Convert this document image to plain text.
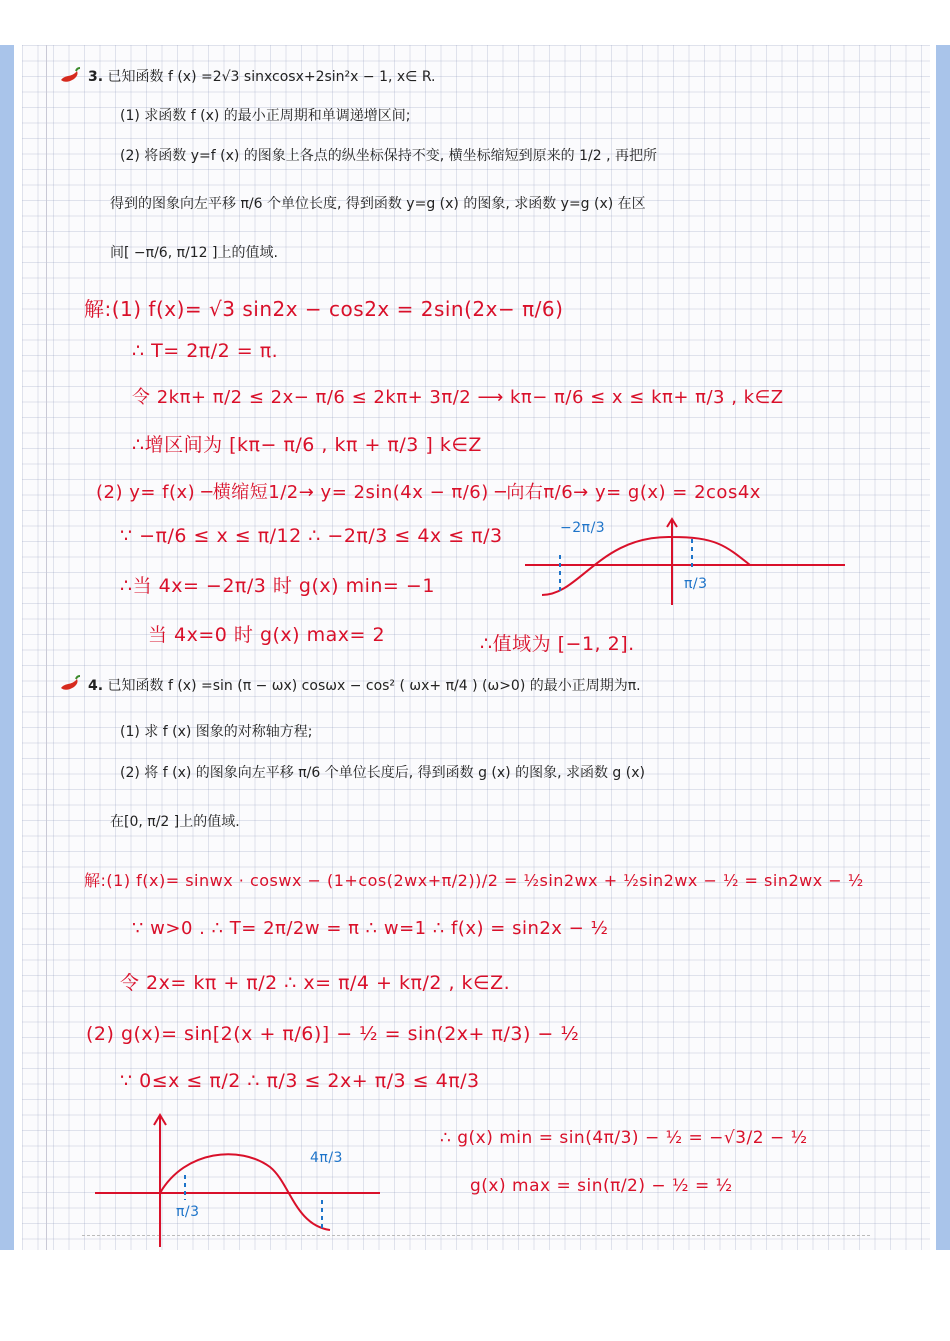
3. 已知函数 f (x) =2√3 sinxcosx+2sin²x − 1, x∈ R.
(1) 求函数 f (x) 的最小正周期和单调递增区间;
(2) 将函数 y=f (x) 的图象上各点的纵坐标保持不变, 横坐标缩短到原来的 1/2 , 再把所
得到的图象向左平移 π/6 个单位长度, 得到函数 y=g (x) 的图象, 求函数 y=g (x) 在区
间[ −π/6, π/12 ]上的值域.
解:(1) f(x)= √3 sin2x − cos2x = 2sin(2x− π/6)
∴ T= 2π/2 = π.
令 2kπ+ π/2 ≤ 2x− π/6 ≤ 2kπ+ 3π/2 ⟶ kπ− π/6 ≤ x ≤ kπ+ π/3 , k∈Z
∴增区间为 [kπ− π/6 , kπ + π/3 ] k∈Z
(2) y= f(x) ─横缩短1/2→ y= 2sin(4x − π/6) ─向右π/6→ y= g(x) = 2cos4x
∵ −π/6 ≤ x ≤ π/12 ∴ −2π/3 ≤ 4x ≤ π/3
∴当 4x= −2π/3 时 g(x) min= −1
当 4x=0 时 g(x) max= 2	∴值域为 [−1, 2].
−2π/3
π/3
4. 已知函数 f (x) =sin (π − ωx) cosωx − cos² ( ωx+ π/4 ) (ω>0) 的最小正周期为π.
(1) 求 f (x) 图象的对称轴方程;
(2) 将 f (x) 的图象向左平移 π/6 个单位长度后, 得到函数 g (x) 的图象, 求函数 g (x)
在[0, π/2 ]上的值域.
解:(1) f(x)= sinwx · coswx − (1+cos(2wx+π/2))/2 = ½sin2wx + ½sin2wx − ½ = sin2wx − ½
∵ w>0 . ∴ T= 2π/2w = π ∴ w=1 ∴ f(x) = sin2x − ½
令 2x= kπ + π/2 ∴ x= π/4 + kπ/2 , k∈Z.
(2) g(x)= sin[2(x + π/6)] − ½ = sin(2x+ π/3) − ½
∵ 0≤x ≤ π/2 ∴ π/3 ≤ 2x+ π/3 ≤ 4π/3
∴ g(x) min = sin(4π/3) − ½ = −√3/2 − ½
g(x) max = sin(π/2) − ½ = ½
π/3
4π/3
